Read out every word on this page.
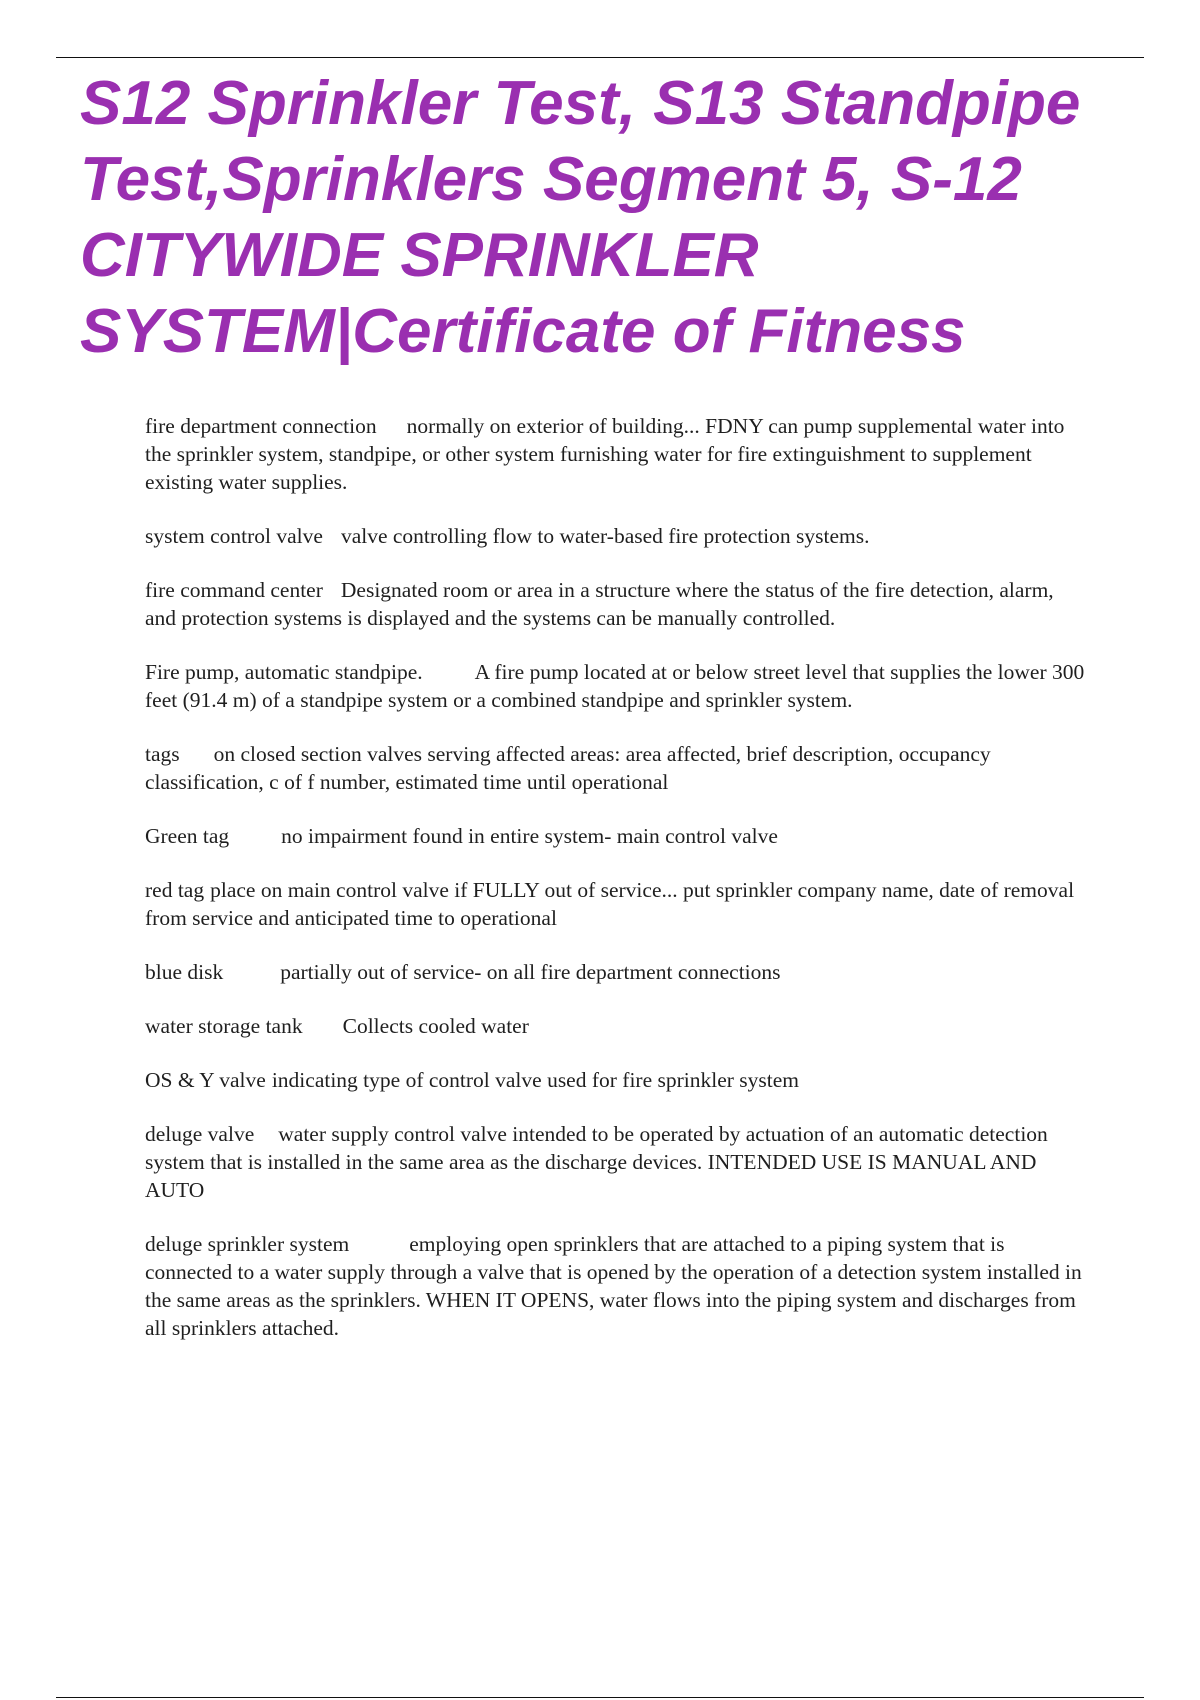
S12 Sprinkler Test, S13 Standpipe Test,Sprinklers Segment 5, S-12 CITYWIDE SPRINKLER SYSTEM|Certificate of Fitness

fire department connection normally on exterior of building... FDNY can pump supplemental water into the sprinkler system, standpipe, or other system furnishing water for fire extinguishment to supplement existing water supplies.

system control valve valve controlling flow to water-based fire protection systems.

fire command center Designated room or area in a structure where the status of the fire detection, alarm, and protection systems is displayed and the systems can be manually controlled.

Fire pump, automatic standpipe. A fire pump located at or below street level that supplies the lower 300 feet (91.4 m) of a standpipe system or a combined standpipe and sprinkler system.

tags on closed section valves serving affected areas: area affected, brief description, occupancy classification, c of f number, estimated time until operational

Green tag no impairment found in entire system- main control valve

red tag place on main control valve if FULLY out of service... put sprinkler company name, date of removal from service and anticipated time to operational

blue disk	partially out of service- on all fire department connections

water storage tank Collects cooled water

OS & Y valve indicating type of control valve used for fire sprinkler system

deluge valve water supply control valve intended to be operated by actuation of an automatic detection system that is installed in the same area as the discharge devices. INTENDED USE IS MANUAL AND AUTO

deluge sprinkler system	employing open sprinklers that are attached to a piping system that is connected to a water supply through a valve that is opened by the operation of a detection system installed in the same areas as the sprinklers. WHEN IT OPENS, water flows into the piping system and discharges from all sprinklers attached.
